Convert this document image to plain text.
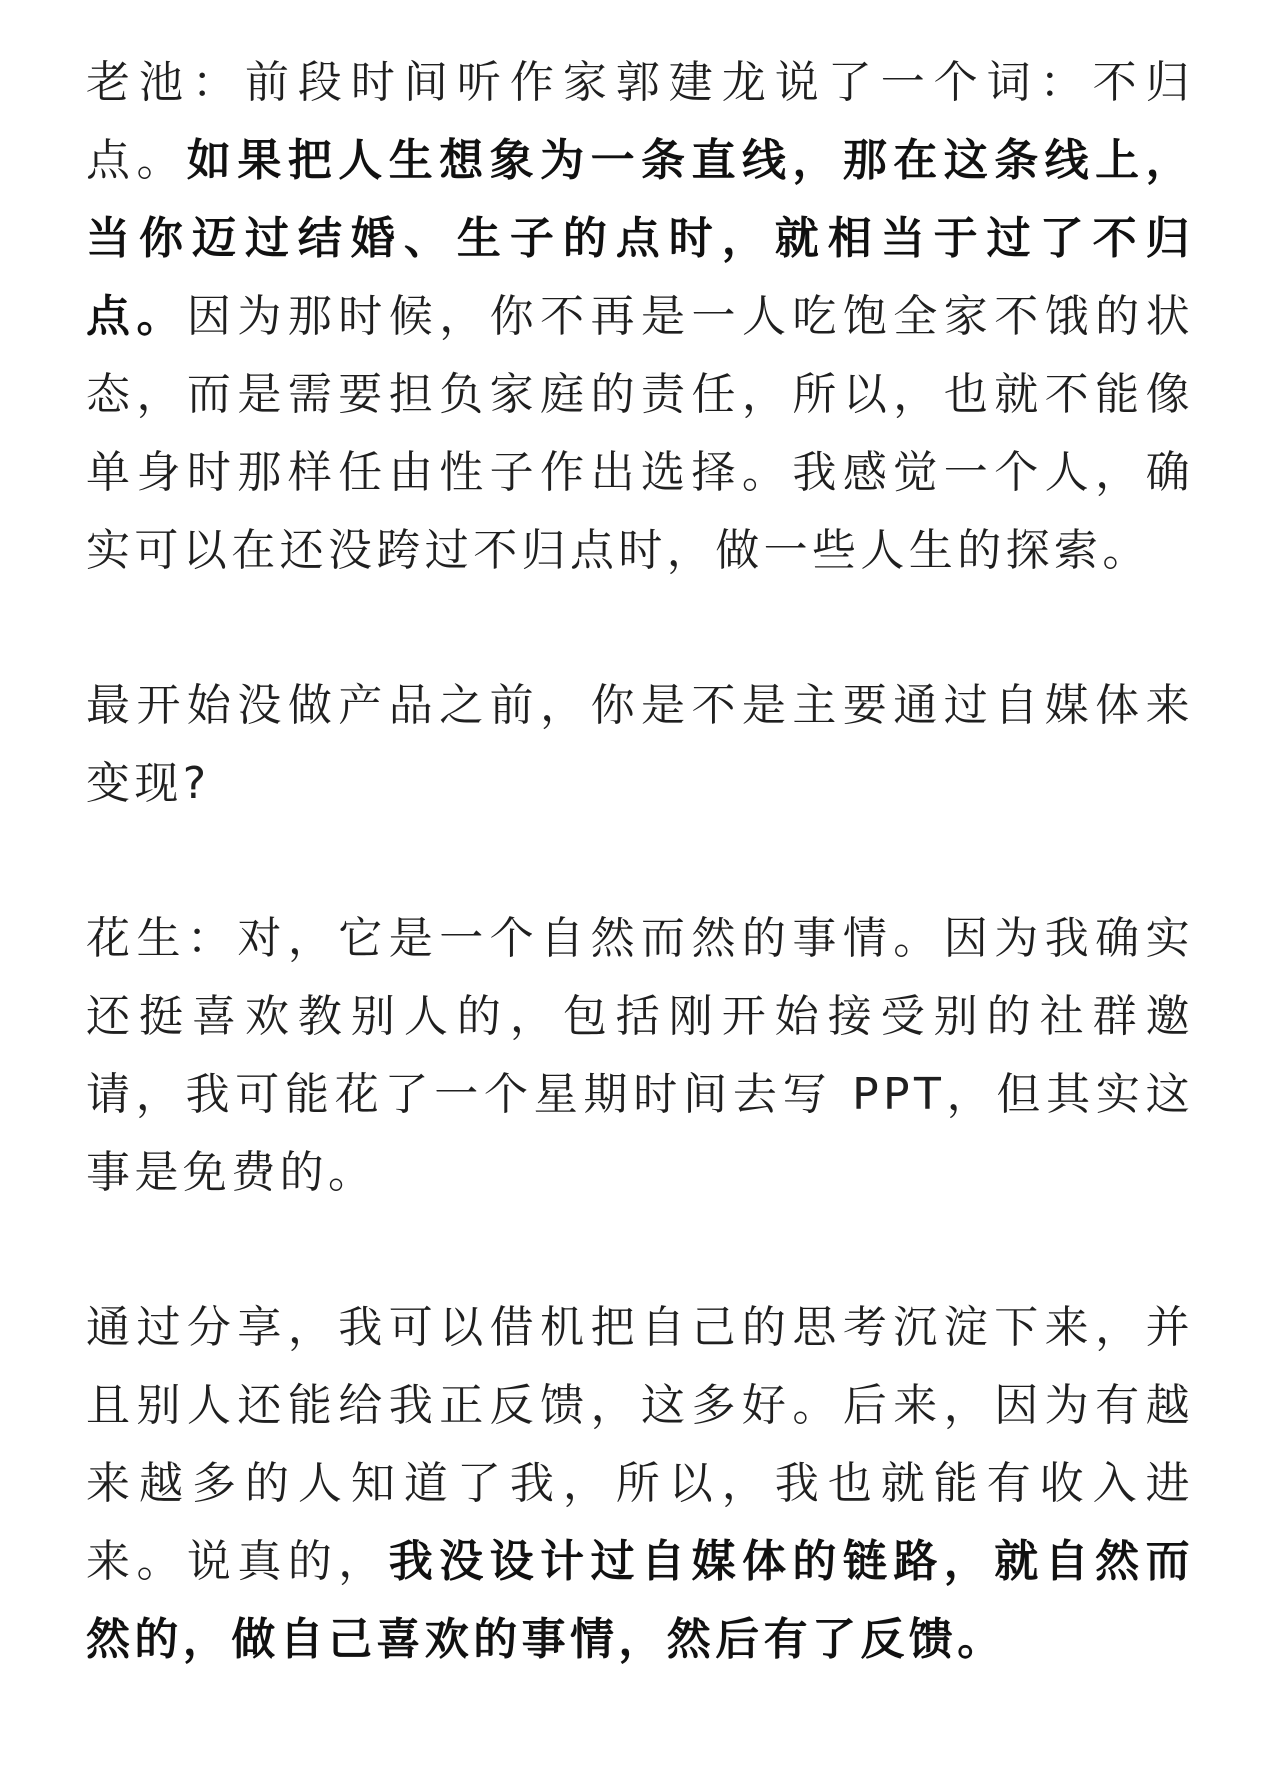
老池：前段时间听作家郭建龙说了一个词：不归点。如果把人生想象为一条直线，那在这条线上，当你迈过结婚、生子的点时，就相当于过了不归点。因为那时候，你不再是一人吃饱全家不饿的状态，而是需要担负家庭的责任，所以，也就不能像单身时那样任由性子作出选择。我感觉一个人，确实可以在还没跨过不归点时，做一些人生的探索。

最开始没做产品之前，你是不是主要通过自媒体来变现?

花生：对，它是一个自然而然的事情。因为我确实还挺喜欢教别人的，包括刚开始接受别的社群邀请，我可能花了一个星期时间去写 PPT，但其实这事是免费的。

通过分享，我可以借机把自己的思考沉淀下来，并且别人还能给我正反馈，这多好。后来，因为有越来越多的人知道了我，所以，我也就能有收入进来。说真的，我没设计过自媒体的链路，就自然而然的，做自己喜欢的事情，然后有了反馈。
